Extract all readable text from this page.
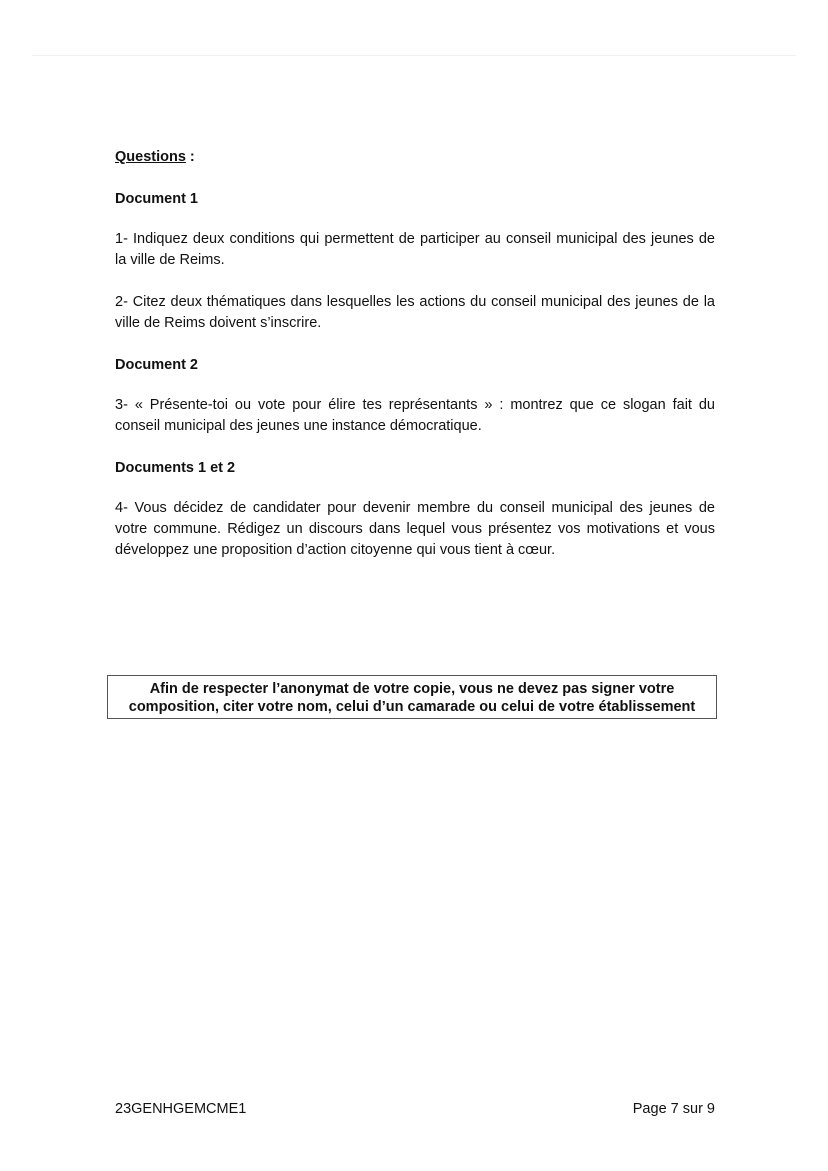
Questions :

Document 1

1- Indiquez deux conditions qui permettent de participer au conseil municipal des jeunes de la ville de Reims.

2- Citez deux thématiques dans lesquelles les actions du conseil municipal des jeunes de la ville de Reims doivent s’inscrire.

Document 2

3- « Présente-toi ou vote pour élire tes représentants » : montrez que ce slogan fait du conseil municipal des jeunes une instance démocratique.

Documents 1 et 2

4- Vous décidez de candidater pour devenir membre du conseil municipal des jeunes de votre commune. Rédigez un discours dans lequel vous présentez vos motivations et vous développez une proposition d’action citoyenne qui vous tient à cœur.

Afin de respecter l’anonymat de votre copie, vous ne devez pas signer votre composition, citer votre nom, celui d’un camarade ou celui de votre établissement
23GENHGEMCME1	Page 7 sur 9
